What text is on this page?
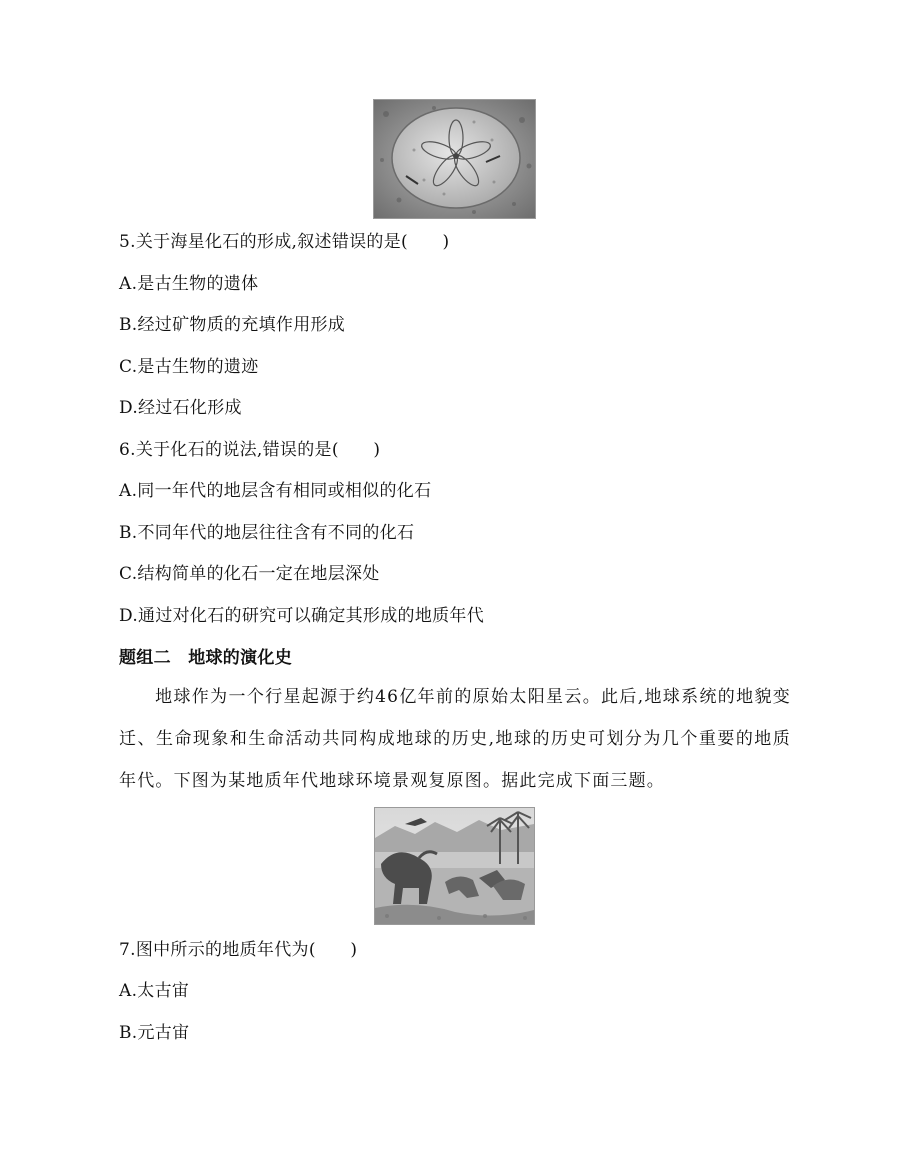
5.关于海星化石的形成,叙述错误的是(　　)
A.是古生物的遗体
B.经过矿物质的充填作用形成
C.是古生物的遗迹
D.经过石化形成
6.关于化石的说法,错误的是(　　)
A.同一年代的地层含有相同或相似的化石
B.不同年代的地层往往含有不同的化石
C.结构简单的化石一定在地层深处
D.通过对化石的研究可以确定其形成的地质年代
题组二　地球的演化史
地球作为一个行星起源于约46亿年前的原始太阳星云。此后,地球系统的地貌变迁、生命现象和生命活动共同构成地球的历史,地球的历史可划分为几个重要的地质年代。下图为某地质年代地球环境景观复原图。据此完成下面三题。
7.图中所示的地质年代为(　　)
A.太古宙
B.元古宙
